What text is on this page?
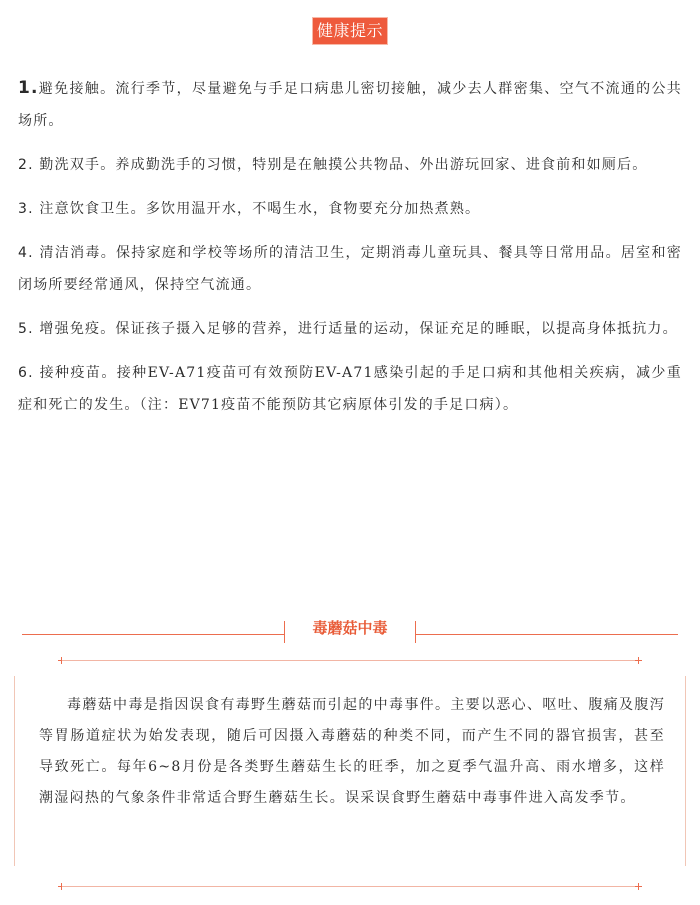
健康提示

1.避免接触。流行季节，尽量避免与手足口病患儿密切接触，减少去人群密集、空气不流通的公共场所。

2. 勤洗双手。养成勤洗手的习惯，特别是在触摸公共物品、外出游玩回家、进食前和如厕后。

3. 注意饮食卫生。多饮用温开水，不喝生水，食物要充分加热煮熟。

4. 清洁消毒。保持家庭和学校等场所的清洁卫生，定期消毒儿童玩具、餐具等日常用品。居室和密闭场所要经常通风，保持空气流通。

5. 增强免疫。保证孩子摄入足够的营养，进行适量的运动，保证充足的睡眠，以提高身体抵抗力。

6. 接种疫苗。接种EV-A71疫苗可有效预防EV-A71感染引起的手足口病和其他相关疾病，减少重症和死亡的发生。（注：EV71疫苗不能预防其它病原体引发的手足口病）。

毒蘑菇中毒

毒蘑菇中毒是指因误食有毒野生蘑菇而引起的中毒事件。主要以恶心、呕吐、腹痛及腹泻等胃肠道症状为始发表现，随后可因摄入毒蘑菇的种类不同，而产生不同的器官损害，甚至导致死亡。每年6~8月份是各类野生蘑菇生长的旺季，加之夏季气温升高、雨水增多，这样潮湿闷热的气象条件非常适合野生蘑菇生长。误采误食野生蘑菇中毒事件进入高发季节。
